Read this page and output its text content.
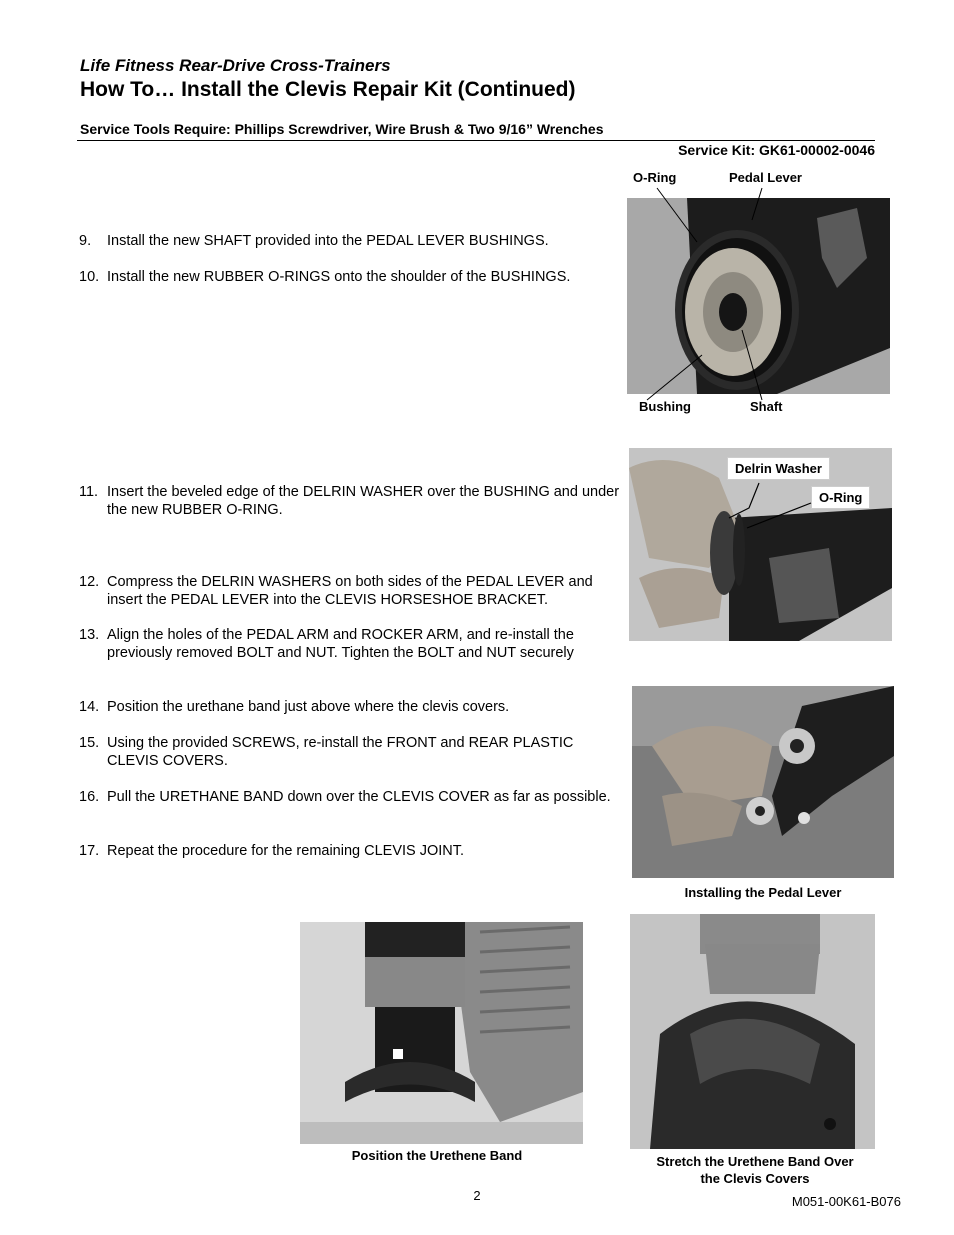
Life Fitness Rear-Drive Cross-Trainers
How To… Install the Clevis Repair Kit (Continued)
Service Tools Require: Phillips Screwdriver, Wire Brush & Two 9/16” Wrenches
Service Kit: GK61-00002-0046
9. Install the new SHAFT provided into the PEDAL LEVER BUSHINGS.
10. Install the new RUBBER O-RINGS onto the shoulder of the BUSHINGS.
11. Insert the beveled edge of the DELRIN WASHER over the BUSHING and under the new RUBBER O-RING.
12. Compress the DELRIN WASHERS on both sides of the PEDAL LEVER and insert the PEDAL LEVER into the CLEVIS HORSESHOE BRACKET.
13. Align the holes of the PEDAL ARM and ROCKER ARM, and re-install the previously removed BOLT and NUT. Tighten the BOLT and NUT securely
14. Position the urethane band just above where the clevis covers.
15. Using the provided SCREWS, re-install the FRONT and REAR PLASTIC CLEVIS COVERS.
16. Pull the URETHANE BAND down over the CLEVIS COVER as far as possible.
17. Repeat the procedure for the remaining CLEVIS JOINT.
O-Ring	Pedal Lever
Bushing	Shaft
Delrin Washer
O-Ring
Installing the Pedal Lever
Position the Urethene Band	Stretch the Urethene Band Over
the Clevis Covers
2	M051-00K61-B076
